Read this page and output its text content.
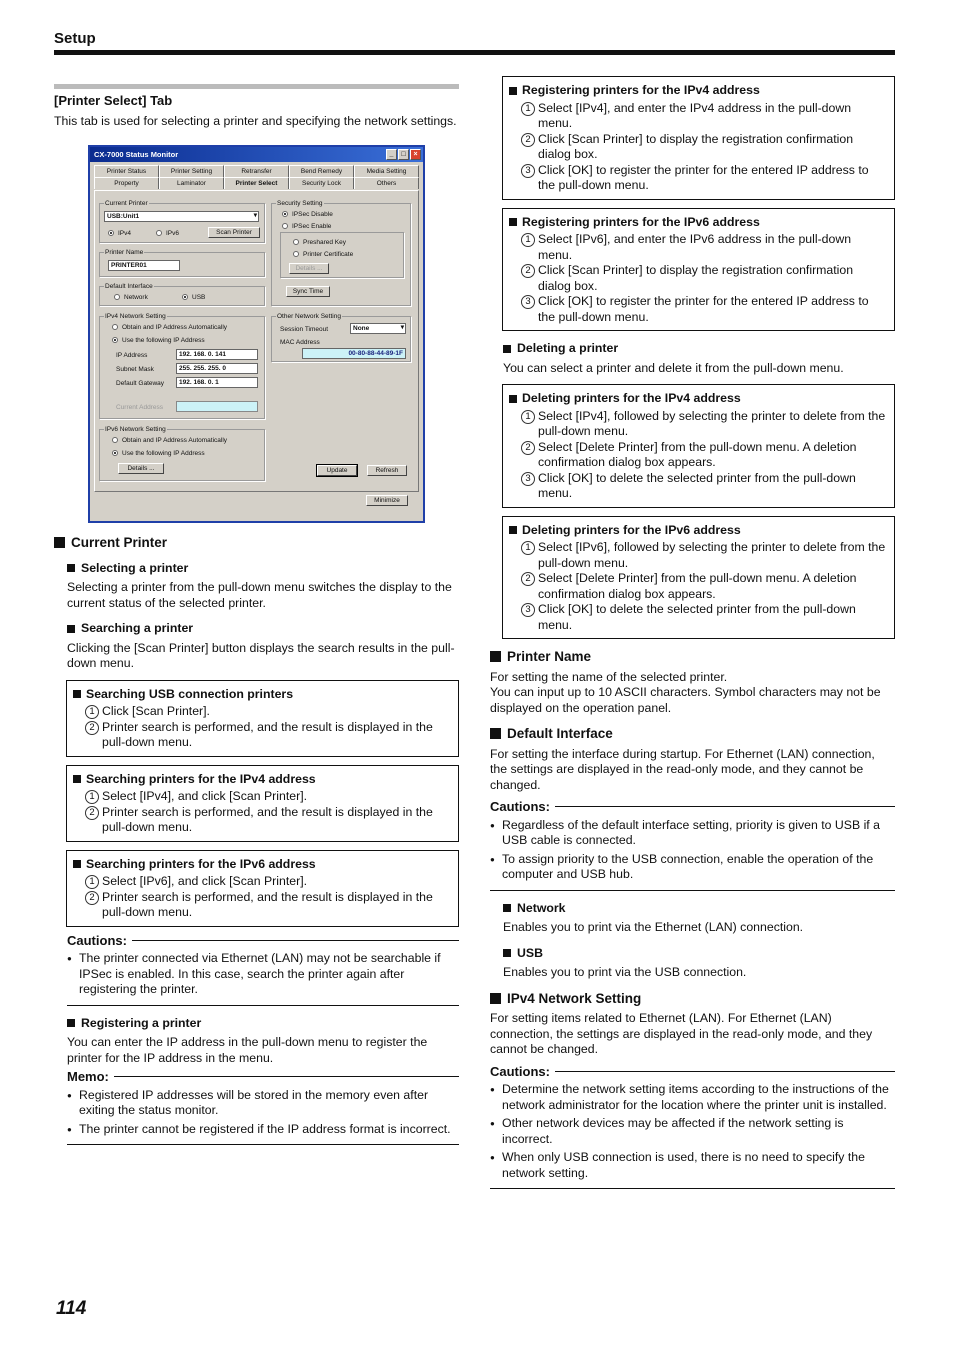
Setup
[Printer Select] Tab
This tab is used for selecting a printer and specifying the network settings.
Current Printer
Selecting a printer
Selecting a printer from the pull-down menu switches the display to the current status of the selected printer.
Searching a printer
Clicking the [Scan Printer] button displays the search results in the pull-down menu.
Searching USB connection printers
1 Click [Scan Printer].
2 Printer search is performed, and the result is displayed in the pull-down menu.
Searching printers for the IPv4 address
1 Select [IPv4], and click [Scan Printer].
2 Printer search is performed, and the result is displayed in the pull-down menu.
Searching printers for the IPv6 address
1 Select [IPv6], and click [Scan Printer].
2 Printer search is performed, and the result is displayed in the pull-down menu.
Cautions:
● The printer connected via Ethernet (LAN) may not be searchable if IPSec is enabled. In this case, search the printer again after registering the printer.
Registering a printer
You can enter the IP address in the pull-down menu to register the printer for the IP address in the menu.
Memo:
● Registered IP addresses will be stored in the memory even after exiting the status monitor.
● The printer cannot be registered if the IP address format is incorrect.
CX-7000 Status Monitor	_	□	×
Printer Status	Printer Setting	Retransfer	Bend Remedy	Media Setting
Property	Laminator	Printer Select	Security Lock	Others
Current Printer
USB:Unit1	▾
IPv4	IPv6	Scan Printer
Printer Name
PRINTER01
Default Interface
Network	USB
IPv4 Network Setting
Obtain and IP Address Automatically
Use the following IP Address
IP Address	192. 168. 0. 141
Subnet Mask	255. 255. 255. 0
Default Gateway	192. 168. 0. 1
Current Address
IPv6 Network Setting
Obtain and IP Address Automatically
Use the following IP Address
Details ...
Security Setting
IPSec Disable
IPSec Enable
Preshared Key
Printer Certificate
Details ...
Sync Time
Other Network Setting
Session Timeout	None	▾
MAC Address
00-80-88-44-89-1F
Update	Refresh
Minimize
Registering printers for the IPv4 address
1 Select [IPv4], and enter the IPv4 address in the pull-down menu.
2 Click [Scan Printer] to display the registration confirmation dialog box.
3 Click [OK] to register the printer for the entered IP address to the pull-down menu.
Registering printers for the IPv6 address
1 Select [IPv6], and enter the IPv6 address in the pull-down menu.
2 Click [Scan Printer] to display the registration confirmation dialog box.
3 Click [OK] to register the printer for the entered IP address to the pull-down menu.
Deleting a printer
You can select a printer and delete it from the pull-down menu.
Deleting printers for the IPv4 address
1 Select [IPv4], followed by selecting the printer to delete from the pull-down menu.
2 Select [Delete Printer] from the pull-down menu. A deletion confirmation dialog box appears.
3 Click [OK] to delete the selected printer from the pull-down menu.
Deleting printers for the IPv6 address
1 Select [IPv6], followed by selecting the printer to delete from the pull-down menu.
2 Select [Delete Printer] from the pull-down menu. A deletion confirmation dialog box appears.
3 Click [OK] to delete the selected printer from the pull-down menu.
Printer Name
For setting the name of the selected printer.
You can input up to 10 ASCII characters. Symbol characters may not be displayed on the operation panel.
Default Interface
For setting the interface during startup. For Ethernet (LAN) connection, the settings are displayed in the read-only mode, and they cannot be changed.
Cautions:
● Regardless of the default interface setting, priority is given to USB if a USB cable is connected.
● To assign priority to the USB connection, enable the operation of the computer and USB hub.
Network
Enables you to print via the Ethernet (LAN) connection.
USB
Enables you to print via the USB connection.
IPv4 Network Setting
For setting items related to Ethernet (LAN). For Ethernet (LAN) connection, the settings are displayed in the read-only mode, and they cannot be changed.
Cautions:
● Determine the network setting items according to the instructions of the network administrator for the location where the printer unit is installed.
● Other network devices may be affected if the network setting is incorrect.
● When only USB connection is used, there is no need to specify the network setting.
114
